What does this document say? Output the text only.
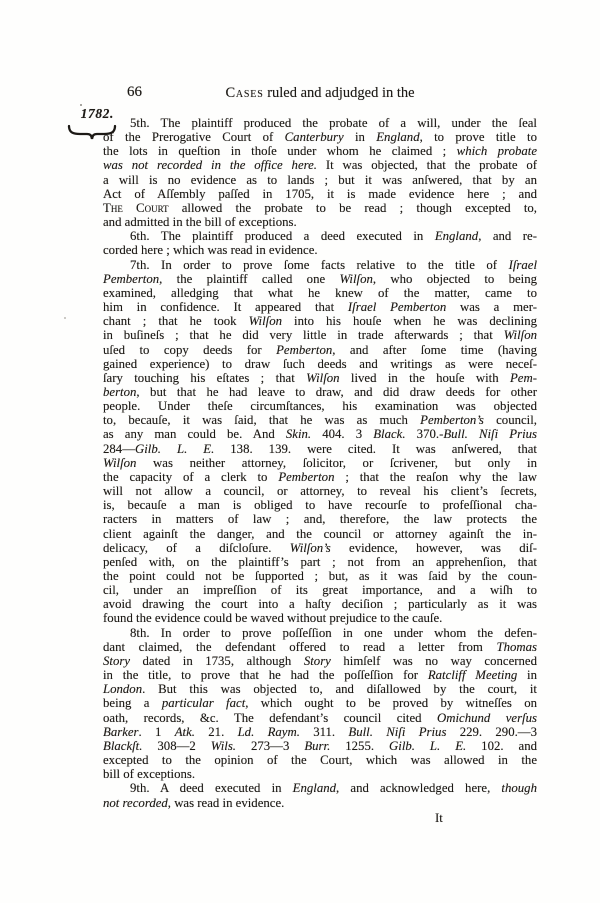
66	Cases ruled and adjudged in the
1782.
5th. The plaintiff produced the probate of a will, under the ſeal
of the Prerogative Court of Canterbury in England, to prove title to
the lots in queſtion in thoſe under whom he claimed ; which probate
was not recorded in the office here. It was objected, that the probate of
a will is no evidence as to lands ; but it was anſwered, that by an
Act of Aſſembly paſſed in 1705, it is made evidence here ; and
The Court allowed the probate to be read ; though excepted to,
and admitted in the bill of exceptions.
6th. The plaintiff produced a deed executed in England, and re-
corded here ; which was read in evidence.
7th. In order to prove ſome facts relative to the title of Iſrael
Pemberton, the plaintiff called one Wilſon, who objected to being
examined, alledging that what he knew of the matter, came to
him in confidence. It appeared that Iſrael Pemberton was a mer-
chant ; that he took Wilſon into his houſe when he was declining
in buſineſs ; that he did very little in trade afterwards ; that Wilſon
uſed to copy deeds for Pemberton, and after ſome time (having
gained experience) to draw ſuch deeds and writings as were neceſ-
ſary touching his eſtates ; that Wilſon lived in the houſe with Pem-
berton, but that he had leave to draw, and did draw deeds for other
people. Under theſe circumſtances, his examination was objected
to, becauſe, it was ſaid, that he was as much Pemberton’s council,
as any man could be. And Skin. 404. 3 Black. 370.-Bull. Niſi Prius
284—Gilb. L. E. 138. 139. were cited. It was anſwered, that
Wilſon was neither attorney, ſolicitor, or ſcrivener, but only in
the capacity of a clerk to Pemberton ; that the reaſon why the law
will not allow a council, or attorney, to reveal his client’s ſecrets,
is, becauſe a man is obliged to have recourſe to profeſſional cha-
racters in matters of law ; and, therefore, the law protects the
client againſt the danger, and the council or attorney againſt the in-
delicacy, of a diſcloſure. Wilſon’s evidence, however, was diſ-
penſed with, on the plaintiff’s part ; not from an apprehenſion, that
the point could not be ſupported ; but, as it was ſaid by the coun-
cil, under an impreſſion of its great importance, and a wiſh to
avoid drawing the court into a haſty deciſion ; particularly as it was
found the evidence could be waved without prejudice to the cauſe.
8th. In order to prove poſſeſſion in one under whom the defen-
dant claimed, the defendant offered to read a letter from Thomas
Story dated in 1735, although Story himſelf was no way concerned
in the title, to prove that he had the poſſeſſion for Ratcliff Meeting in
London. But this was objected to, and diſallowed by the court, it
being a particular fact, which ought to be proved by witneſſes on
oath, records, &c. The defendant’s council cited Omichund verſus
Barker. 1 Atk. 21. Ld. Raym. 311. Bull. Niſi Prius 229. 290.—3
Blackſt. 308—2 Wils. 273—3 Burr. 1255. Gilb. L. E. 102. and
excepted to the opinion of the Court, which was allowed in the
bill of exceptions.
9th. A deed executed in England, and acknowledged here, though
not recorded, was read in evidence.
It
